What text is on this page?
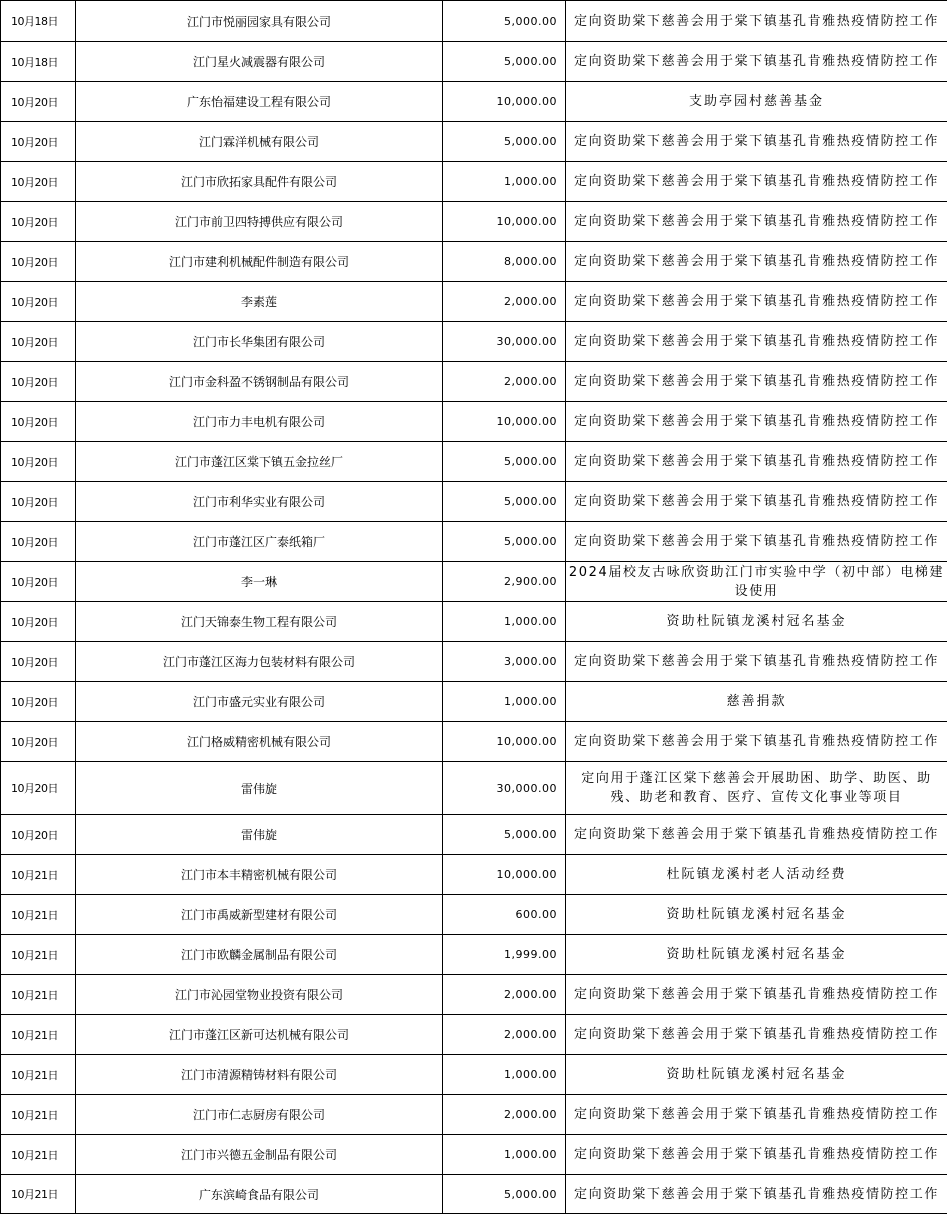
10月18日	江门市悦丽园家具有限公司	5,000.00	定向资助棠下慈善会用于棠下镇基孔肯雅热疫情防控工作
10月18日	江门星火减震器有限公司	5,000.00	定向资助棠下慈善会用于棠下镇基孔肯雅热疫情防控工作
10月20日	广东怡福建设工程有限公司	10,000.00	支助亭园村慈善基金
10月20日	江门霖洋机械有限公司	5,000.00	定向资助棠下慈善会用于棠下镇基孔肯雅热疫情防控工作
10月20日	江门市欣拓家具配件有限公司	1,000.00	定向资助棠下慈善会用于棠下镇基孔肯雅热疫情防控工作
10月20日	江门市前卫四特搏供应有限公司	10,000.00	定向资助棠下慈善会用于棠下镇基孔肯雅热疫情防控工作
10月20日	江门市建利机械配件制造有限公司	8,000.00	定向资助棠下慈善会用于棠下镇基孔肯雅热疫情防控工作
10月20日	李素莲	2,000.00	定向资助棠下慈善会用于棠下镇基孔肯雅热疫情防控工作
10月20日	江门市长华集团有限公司	30,000.00	定向资助棠下慈善会用于棠下镇基孔肯雅热疫情防控工作
10月20日	江门市金科盈不锈钢制品有限公司	2,000.00	定向资助棠下慈善会用于棠下镇基孔肯雅热疫情防控工作
10月20日	江门市力丰电机有限公司	10,000.00	定向资助棠下慈善会用于棠下镇基孔肯雅热疫情防控工作
10月20日	江门市蓬江区棠下镇五金拉丝厂	5,000.00	定向资助棠下慈善会用于棠下镇基孔肯雅热疫情防控工作
10月20日	江门市利华实业有限公司	5,000.00	定向资助棠下慈善会用于棠下镇基孔肯雅热疫情防控工作
10月20日	江门市蓬江区广泰纸箱厂	5,000.00	定向资助棠下慈善会用于棠下镇基孔肯雅热疫情防控工作
10月20日	李一琳	2,900.00	2024届校友古咏欣资助江门市实验中学（初中部）电梯建设使用
10月20日	江门天锦泰生物工程有限公司	1,000.00	资助杜阮镇龙溪村冠名基金
10月20日	江门市蓬江区海力包装材料有限公司	3,000.00	定向资助棠下慈善会用于棠下镇基孔肯雅热疫情防控工作
10月20日	江门市盛元实业有限公司	1,000.00	慈善捐款
10月20日	江门格威精密机械有限公司	10,000.00	定向资助棠下慈善会用于棠下镇基孔肯雅热疫情防控工作
10月20日	雷伟旋	30,000.00	定向用于蓬江区棠下慈善会开展助困、助学、助医、助残、助老和教育、医疗、宣传文化事业等项目
10月20日	雷伟旋	5,000.00	定向资助棠下慈善会用于棠下镇基孔肯雅热疫情防控工作
10月21日	江门市本丰精密机械有限公司	10,000.00	杜阮镇龙溪村老人活动经费
10月21日	江门市禹威新型建材有限公司	600.00	资助杜阮镇龙溪村冠名基金
10月21日	江门市欧麟金属制品有限公司	1,999.00	资助杜阮镇龙溪村冠名基金
10月21日	江门市沁园堂物业投资有限公司	2,000.00	定向资助棠下慈善会用于棠下镇基孔肯雅热疫情防控工作
10月21日	江门市蓬江区新可达机械有限公司	2,000.00	定向资助棠下慈善会用于棠下镇基孔肯雅热疫情防控工作
10月21日	江门市清源精铸材料有限公司	1,000.00	资助杜阮镇龙溪村冠名基金
10月21日	江门市仁志厨房有限公司	2,000.00	定向资助棠下慈善会用于棠下镇基孔肯雅热疫情防控工作
10月21日	江门市兴德五金制品有限公司	1,000.00	定向资助棠下慈善会用于棠下镇基孔肯雅热疫情防控工作
10月21日	广东滨崎食品有限公司	5,000.00	定向资助棠下慈善会用于棠下镇基孔肯雅热疫情防控工作
